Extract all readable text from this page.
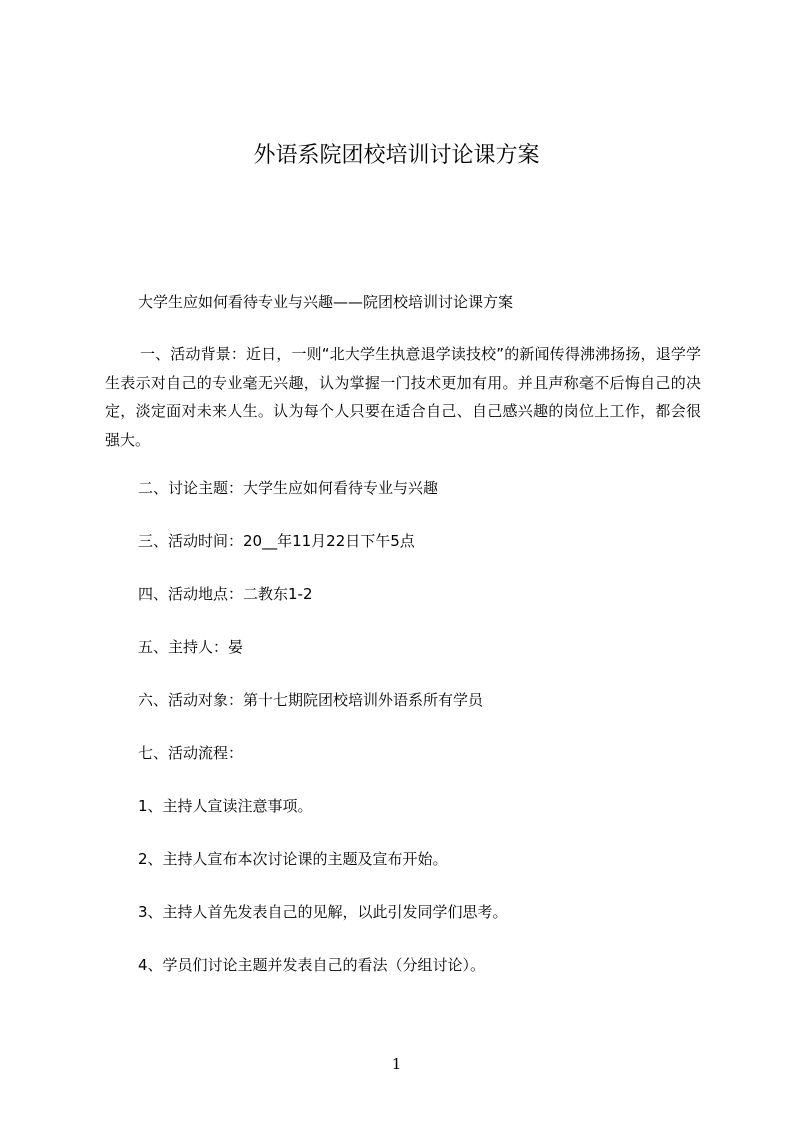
外语系院团校培训讨论课方案

大学生应如何看待专业与兴趣——院团校培训讨论课方案

一、活动背景：近日，一则“北大学生执意退学读技校”的新闻传得沸沸扬扬，退学学生表示对自己的专业毫无兴趣，认为掌握一门技术更加有用。并且声称毫不后悔自己的决定，淡定面对未来人生。认为每个人只要在适合自己、自己感兴趣的岗位上工作，都会很强大。

二、讨论主题：大学生应如何看待专业与兴趣

三、活动时间：20__年11月22日下午5点

四、活动地点：二教东1-2

五、主持人：晏

六、活动对象：第十七期院团校培训外语系所有学员

七、活动流程：

1、主持人宣读注意事项。

2、主持人宣布本次讨论课的主题及宣布开始。

3、主持人首先发表自己的见解，以此引发同学们思考。

4、学员们讨论主题并发表自己的看法（分组讨论）。

1
